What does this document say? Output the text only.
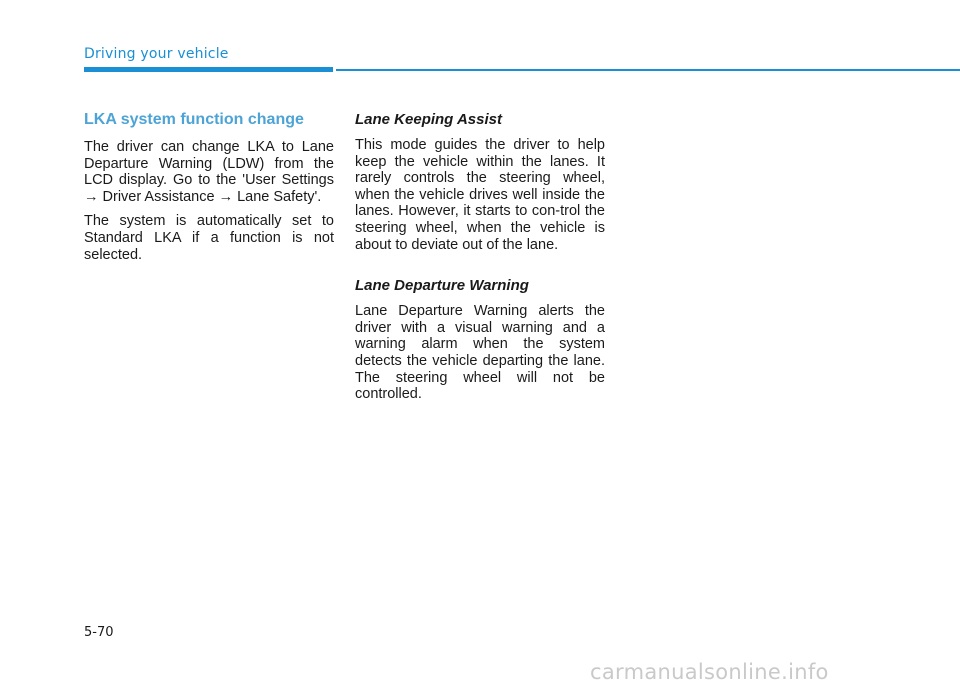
Driving your vehicle
LKA system function change

The driver can change LKA to Lane Departure Warning (LDW) from the LCD display. Go to the 'User Settings → Driver Assistance → Lane Safety'.

The system is automatically set to Standard LKA if a function is not selected.

Lane Keeping Assist

This mode guides the driver to help keep the vehicle within the lanes. It rarely controls the steering wheel, when the vehicle drives well inside the lanes. However, it starts to con-trol the steering wheel, when the vehicle is about to deviate out of the lane.

Lane Departure Warning

Lane Departure Warning alerts the driver with a visual warning and a warning alarm when the system detects the vehicle departing the lane. The steering wheel will not be controlled.

5-70
carmanualsonline.info
